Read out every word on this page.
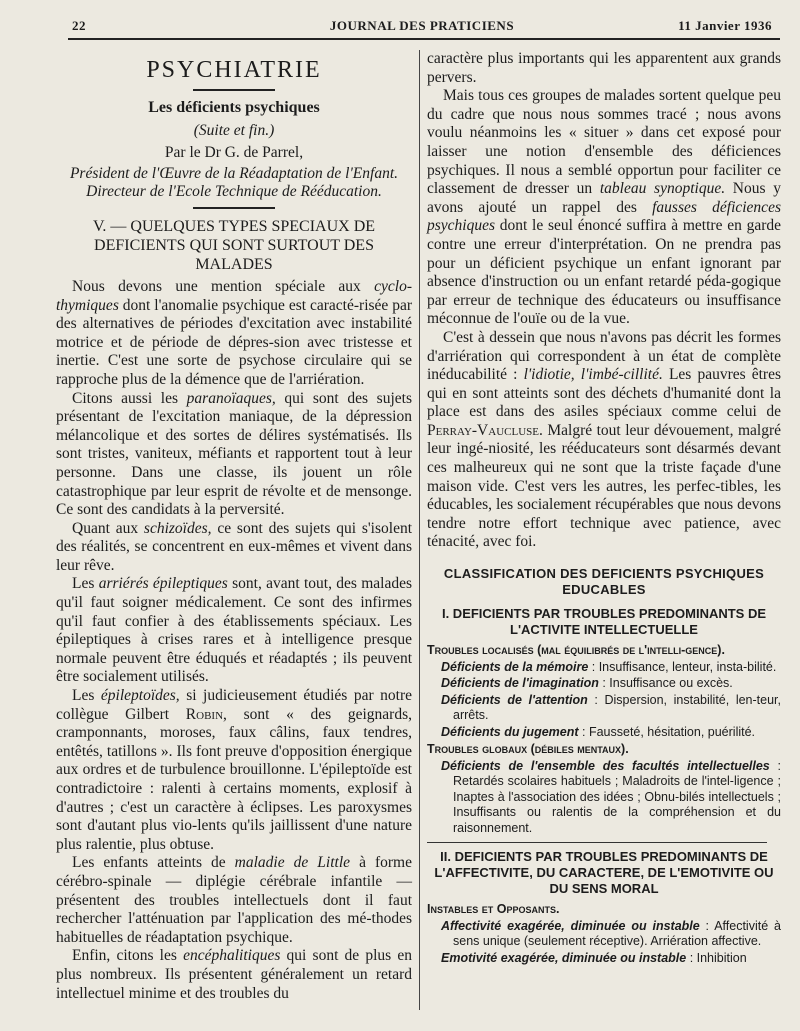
22	JOURNAL DES PRATICIENS	11 Janvier 1936
PSYCHIATRIE
Les déficients psychiques
(Suite et fin.)
Par le Dr G. de Parrel,
Président de l'Œuvre de la Réadaptation de l'Enfant.
Directeur de l'Ecole Technique de Rééducation.
V. — QUELQUES TYPES SPECIAUX DE DEFICIENTS QUI SONT SURTOUT DES MALADES

Nous devons une mention spéciale aux cyclo-thymiques dont l'anomalie psychique est caracté-risée par des alternatives de périodes d'excitation avec instabilité motrice et de période de dépres-sion avec tristesse et inertie. C'est une sorte de psychose circulaire qui se rapproche plus de la démence que de l'arriération.

Citons aussi les paranoïaques, qui sont des sujets présentant de l'excitation maniaque, de la dépression mélancolique et des sortes de délires systématisés. Ils sont tristes, vaniteux, méfiants et rapportent tout à leur personne. Dans une classe, ils jouent un rôle catastrophique par leur esprit de révolte et de mensonge. Ce sont des candidats à la perversité.

Quant aux schizoïdes, ce sont des sujets qui s'isolent des réalités, se concentrent en eux-mêmes et vivent dans leur rêve.

Les arriérés épileptiques sont, avant tout, des malades qu'il faut soigner médicalement. Ce sont des infirmes qu'il faut confier à des établissements spéciaux. Les épileptiques à crises rares et à intelligence presque normale peuvent être éduqués et réadaptés ; ils peuvent être socialement utilisés.

Les épileptoïdes, si judicieusement étudiés par notre collègue Gilbert Robin, sont « des geignards, cramponnants, moroses, faux câlins, faux tendres, entêtés, tatillons ». Ils font preuve d'opposition énergique aux ordres et de turbulence brouillonne. L'épileptoïde est contradictoire : ralenti à certains moments, explosif à d'autres ; c'est un caractère à éclipses. Les paroxysmes sont d'autant plus vio-lents qu'ils jaillissent d'une nature plus ralentie, plus obtuse.

Les enfants atteints de maladie de Little à forme cérébro-spinale — diplégie cérébrale infantile — présentent des troubles intellectuels dont il faut rechercher l'atténuation par l'application des mé-thodes habituelles de réadaptation psychique.

Enfin, citons les encéphalitiques qui sont de plus en plus nombreux. Ils présentent généralement un retard intellectuel minime et des troubles du

caractère plus importants qui les apparentent aux grands pervers.

Mais tous ces groupes de malades sortent quelque peu du cadre que nous nous sommes tracé ; nous avons voulu néanmoins les « situer » dans cet exposé pour laisser une notion d'ensemble des déficiences psychiques. Il nous a semblé opportun pour faciliter ce classement de dresser un tableau synoptique. Nous y avons ajouté un rappel des fausses déficiences psychiques dont le seul énoncé suffira à mettre en garde contre une erreur d'interprétation. On ne prendra pas pour un déficient psychique un enfant ignorant par absence d'instruction ou un enfant retardé péda-gogique par erreur de technique des éducateurs ou insuffisance méconnue de l'ouïe ou de la vue.

C'est à dessein que nous n'avons pas décrit les formes d'arriération qui correspondent à un état de complète inéducabilité : l'idiotie, l'imbé-cillité. Les pauvres êtres qui en sont atteints sont des déchets d'humanité dont la place est dans des asiles spéciaux comme celui de Perray-Vaucluse. Malgré tout leur dévouement, malgré leur ingé-niosité, les rééducateurs sont désarmés devant ces malheureux qui ne sont que la triste façade d'une maison vide. C'est vers les autres, les perfec-tibles, les éducables, les socialement récupérables que nous devons tendre notre effort technique avec patience, avec ténacité, avec foi.

CLASSIFICATION DES DEFICIENTS PSYCHIQUES EDUCABLES
I. DEFICIENTS PAR TROUBLES PREDOMINANTS DE L'ACTIVITE INTELLECTUELLE
Troubles localisés (mal équilibrés de l'intelli-gence).
Déficients de la mémoire : Insuffisance, lenteur, insta-bilité.
Déficients de l'imagination : Insuffisance ou excès.
Déficients de l'attention : Dispersion, instabilité, len-teur, arrêts.
Déficients du jugement : Fausseté, hésitation, puérilité.
Troubles globaux (débiles mentaux).
Déficients de l'ensemble des facultés intellectuelles : Retardés scolaires habituels ; Maladroits de l'intel-ligence ; Inaptes à l'association des idées ; Obnu-bilés intellectuels ; Insuffisants ou ralentis de la compréhension et du raisonnement.
II. DEFICIENTS PAR TROUBLES PREDOMINANTS DE L'AFFECTIVITE, DU CARACTERE, DE L'EMOTIVITE OU DU SENS MORAL
Instables et Opposants.
Affectivité exagérée, diminuée ou instable : Affectivité à sens unique (seulement réceptive). Arriération affective.
Emotivité exagérée, diminuée ou instable : Inhibition
